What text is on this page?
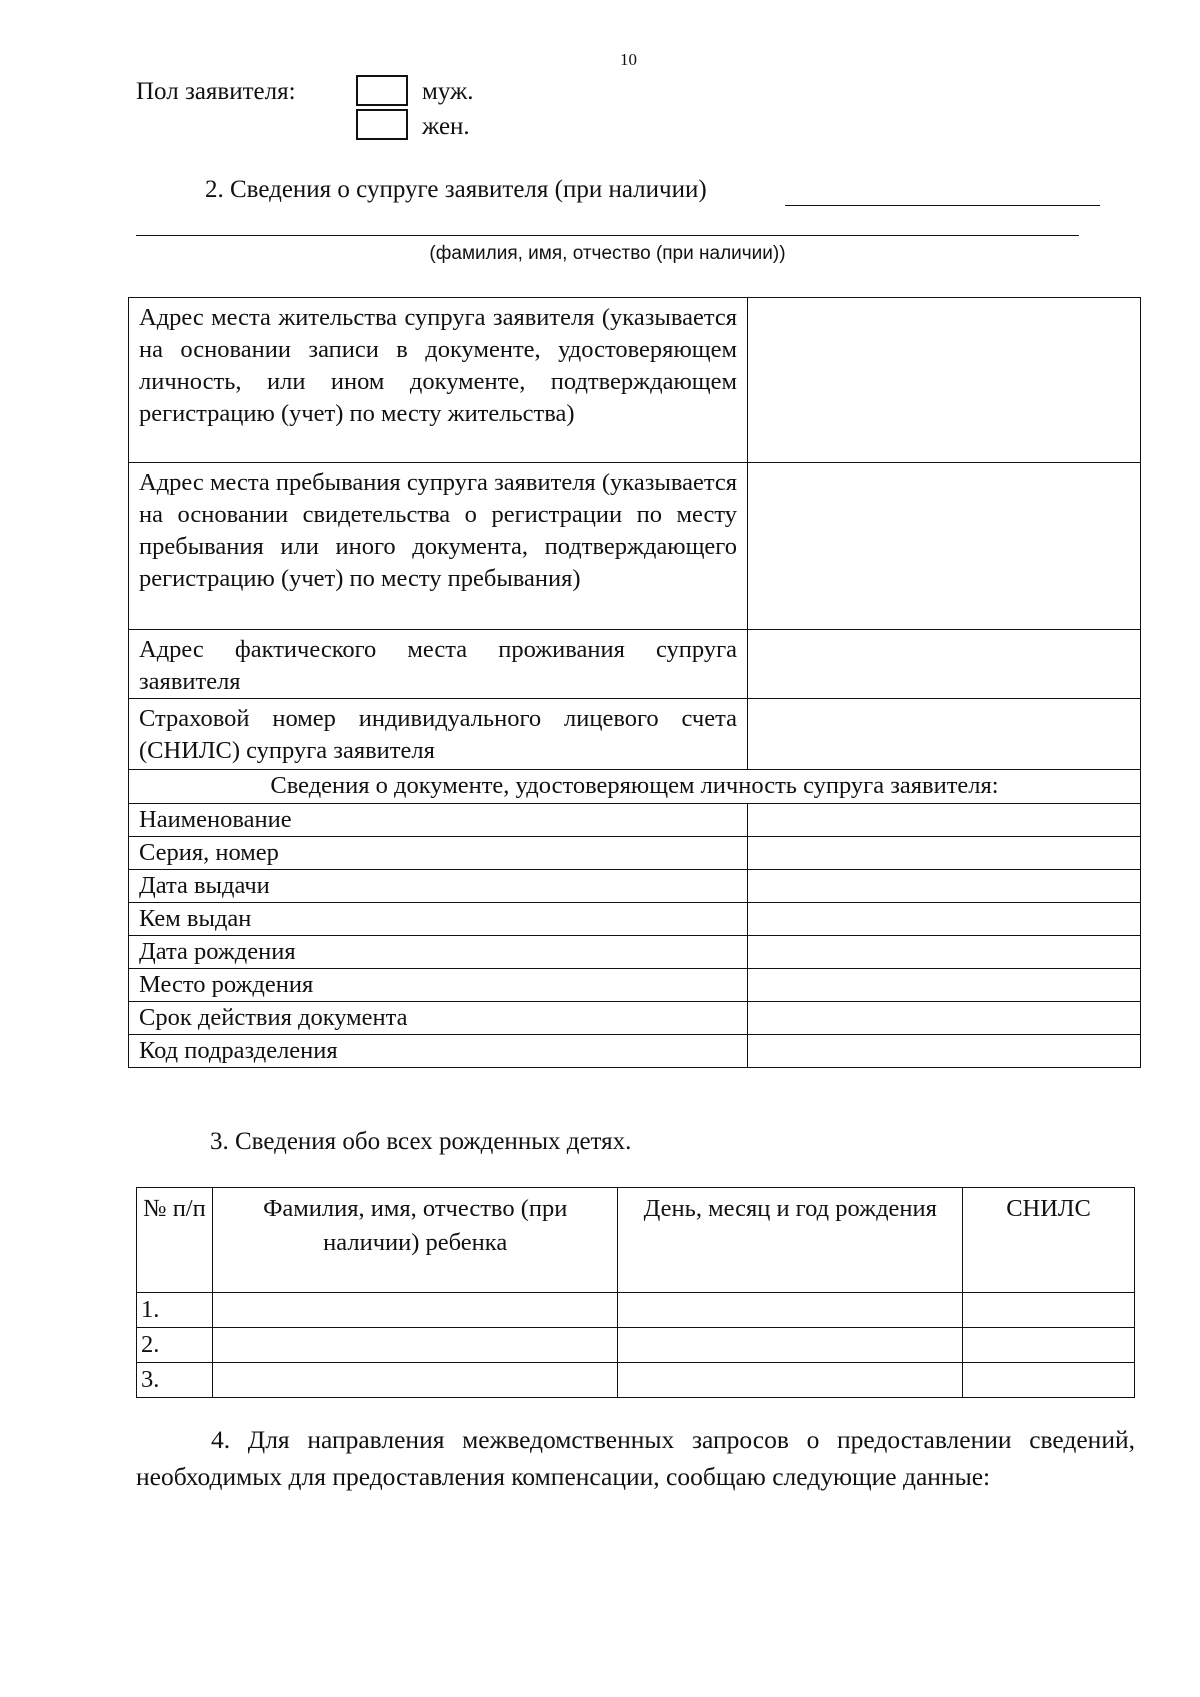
10
Пол заявителя:	муж.
жен.
2. Сведения о супруге заявителя (при наличии)
(фамилия, имя, отчество (при наличии))
Адрес места жительства супруга заявителя (указывается на основании записи в документе, удостоверяющем личность, или ином документе, подтверждающем регистрацию (учет) по месту жительства)	
Адрес места пребывания супруга заявителя (указывается на основании свидетельства о регистрации по месту пребывания или иного документа, подтверждающего регистрацию (учет) по месту пребывания)	
Адрес фактического места проживания супруга заявителя	
Страховой номер индивидуального лицевого счета (СНИЛС) супруга заявителя	
Сведения о документе, удостоверяющем личность супруга заявителя:	
Наименование	
Серия, номер	
Дата выдачи	
Кем выдан	
Дата рождения	
Место рождения	
Срок действия документа	
Код подразделения	
3. Сведения обо всех рожденных детях.
№ п/п	Фамилия, имя, отчество (при наличии) ребенка	День, месяц и год рождения	СНИЛС
1.			
2.			
3.			
4. Для направления межведомственных запросов о предоставлении сведений, необходимых для предоставления компенсации, сообщаю следующие данные:
